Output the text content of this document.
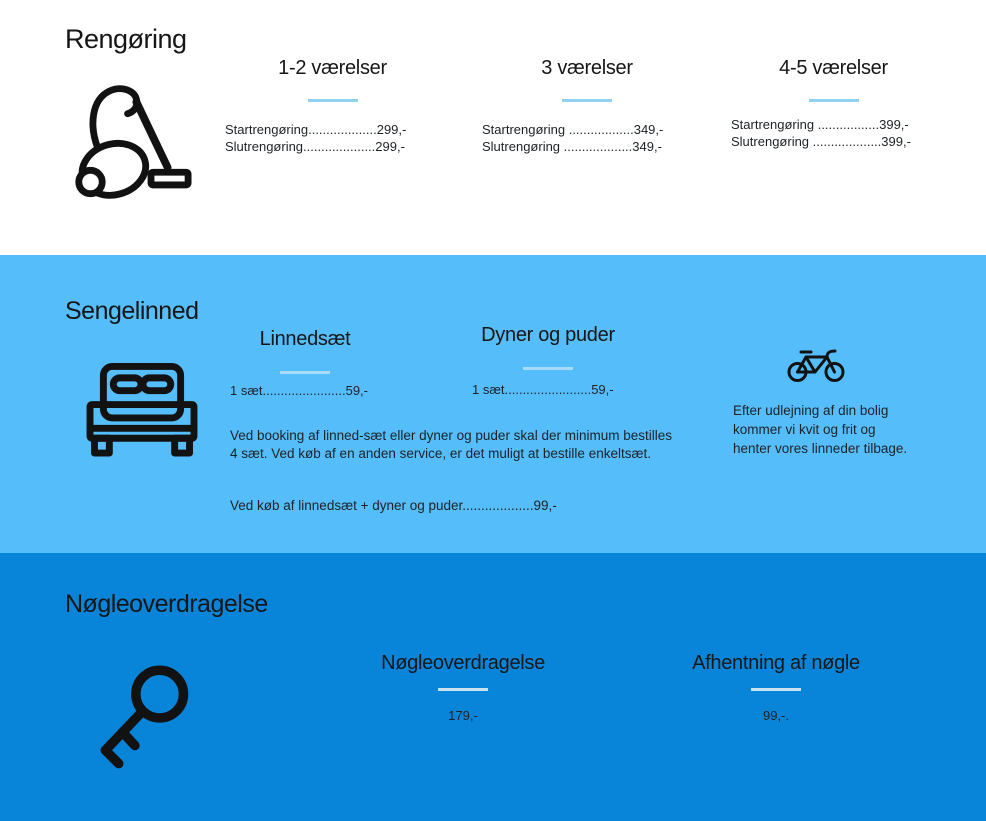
Rengøring
1-2 værelser
Startrengøring...................299,-
Slutrengøring....................299,-
3 værelser
Startrengøring ..................349,-
Slutrengøring ...................349,-
4-5 værelser
Startrengøring .................399,-
Slutrengøring ...................399,-
Sengelinned
Linnedsæt
1 sæt.......................59,-
Dyner og puder
1 sæt........................59,-

Ved booking af linned-sæt eller dyner og puder skal der minimum bestilles 4 sæt. Ved køb af en anden service, er det muligt at bestille enkeltsæt.

Ved køb af linnedsæt + dyner og puder...................99,-

Efter udlejning af din bolig
kommer vi kvit og frit og
henter vores linneder tilbage.
Nøgleoverdragelse
Nøgleoverdragelse
179,-
Afhentning af nøgle
99,-.
